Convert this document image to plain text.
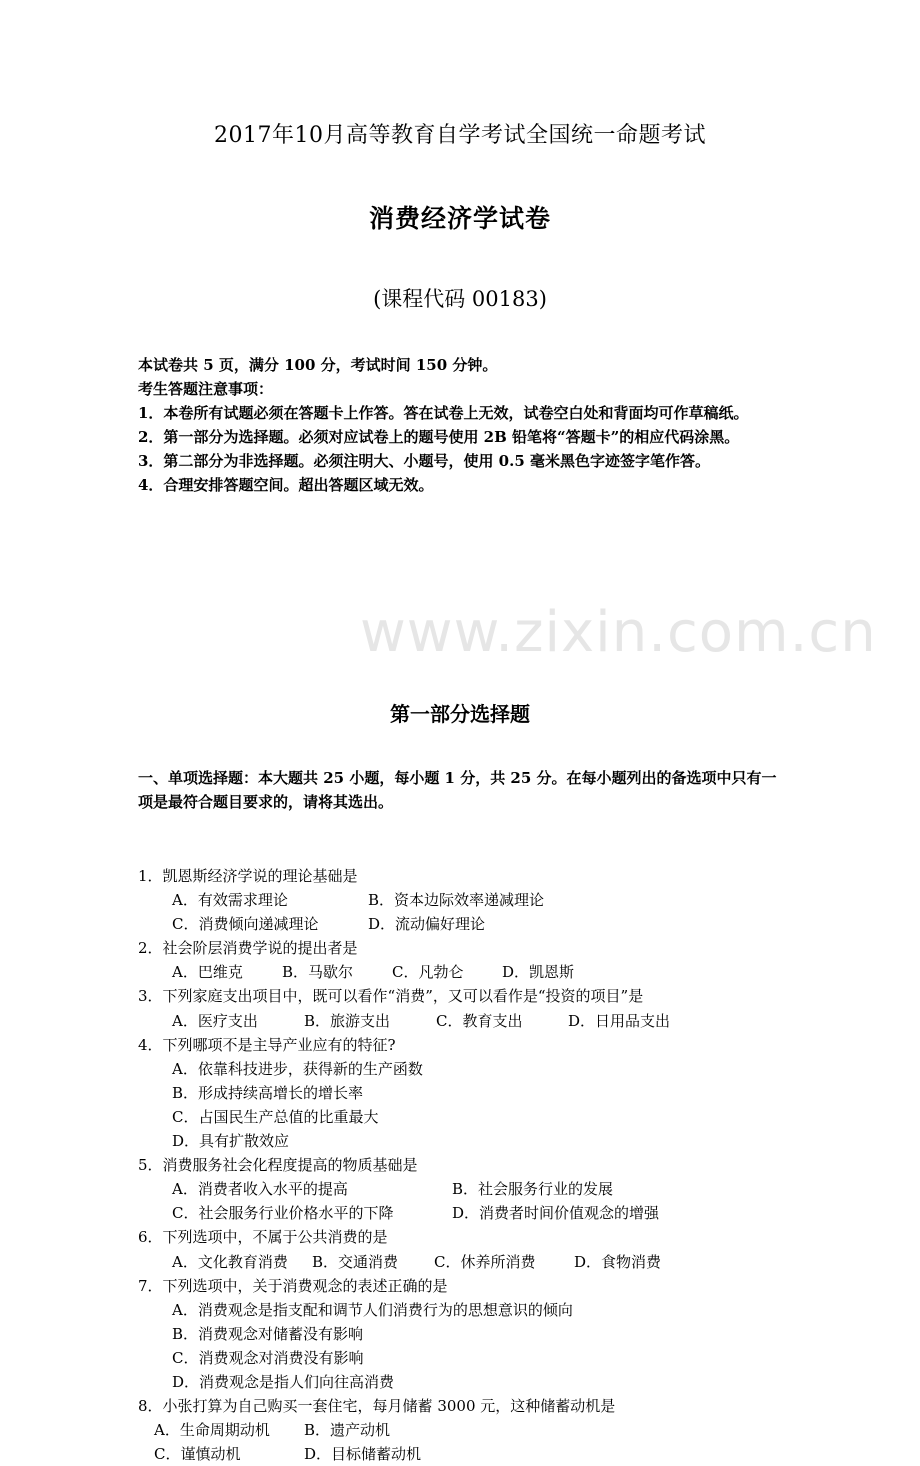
www.zixin.com.cn
2017年10月高等教育自学考试全国统一命题考试
消费经济学试卷
(课程代码 00183)

本试卷共 5 页，满分 100 分，考试时间 150 分钟。

考生答题注意事项：

1．本卷所有试题必须在答题卡上作答。答在试卷上无效，试卷空白处和背面均可作草稿纸。

2．第一部分为选择题。必须对应试卷上的题号使用 2B 铅笔将“答题卡”的相应代码涂黑。

3．第二部分为非选择题。必须注明大、小题号，使用 0.5 毫米黑色字迹签字笔作答。

4．合理安排答题空间。超出答题区域无效。

第一部分选择题
一、单项选择题：本大题共 25 小题，每小题 1 分，共 25 分。在每小题列出的备选项中只有一项是最符合题目要求的，请将其选出。

1．凯恩斯经济学说的理论基础是

A．有效需求理论	B．资本边际效率递减理论

C．消费倾向递减理论	D．流动偏好理论

2．社会阶层消费学说的提出者是

A．巴维克	B．马歇尔	C．凡勃仑	D．凯恩斯

3．下列家庭支出项目中，既可以看作“消费”，又可以看作是“投资的项目”是

A．医疗支出	B．旅游支出	C．教育支出	D．日用品支出

4．下列哪项不是主导产业应有的特征?

A．依靠科技进步，获得新的生产函数

B．形成持续高增长的增长率

C．占国民生产总值的比重最大

D．具有扩散效应

5．消费服务社会化程度提高的物质基础是

A．消费者收入水平的提高	B．社会服务行业的发展

C．社会服务行业价格水平的下降	D．消费者时间价值观念的增强

6．下列选项中，不属于公共消费的是

A．文化教育消费 B．交通消费 C．休养所消费	D．食物消费

7．下列选项中，关于消费观念的表述正确的是

A．消费观念是指支配和调节人们消费行为的思想意识的倾向

B．消费观念对储蓄没有影响

C．消费观念对消费没有影响

D．消费观念是指人们向往高消费

8．小张打算为自己购买一套住宅，每月储蓄 3000 元，这种储蓄动机是

A．生命周期动机 B．遗产动机

C．谨慎动机	D．目标储蓄动机
